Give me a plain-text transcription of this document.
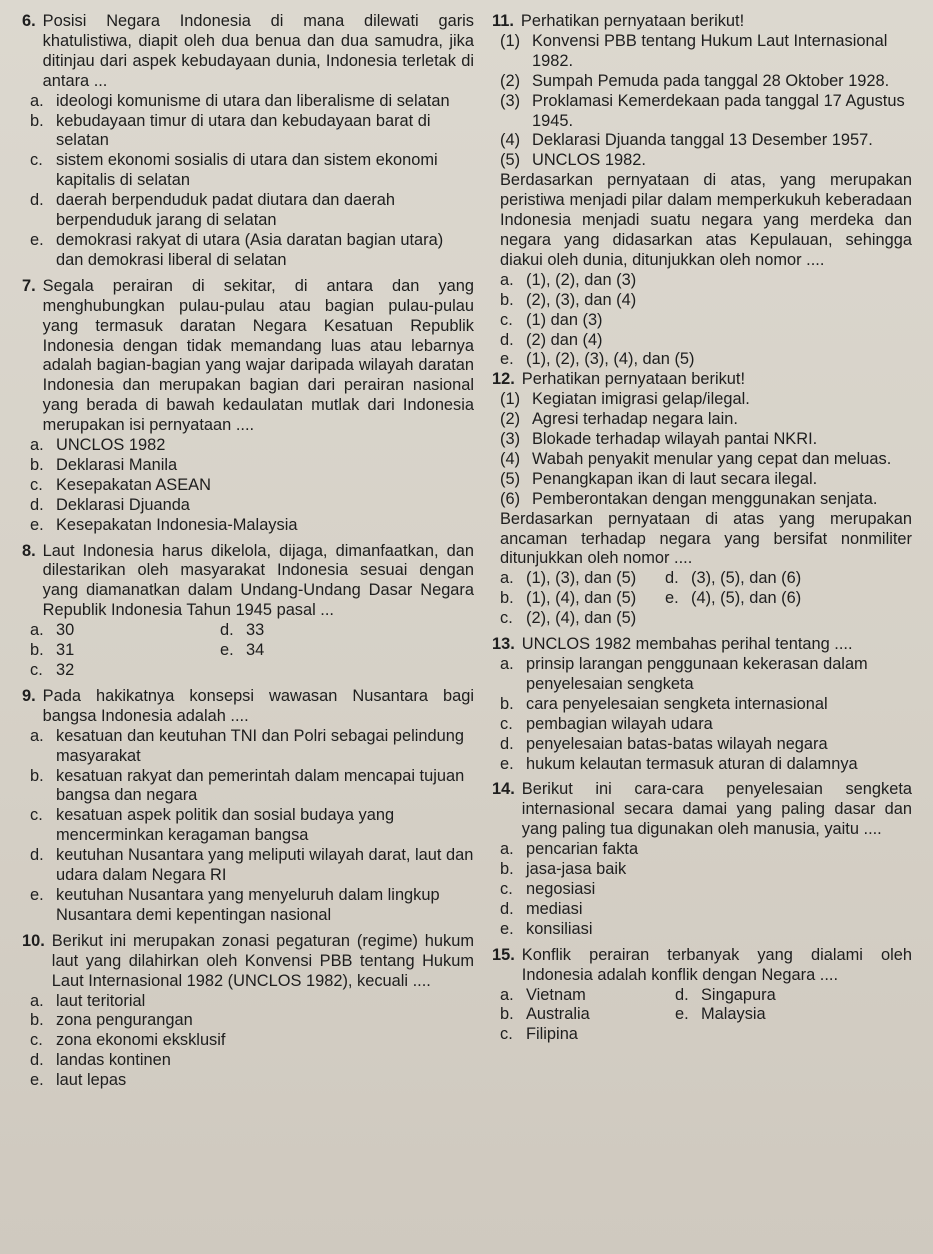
6. Posisi Negara Indonesia di mana dilewati garis khatulistiwa, diapit oleh dua benua dan dua samudra, jika ditinjau dari aspek kebudayaan dunia, Indonesia terletak di antara ...
a. ideologi komunisme di utara dan liberalisme di selatan
b. kebudayaan timur di utara dan kebudayaan barat di selatan
c. sistem ekonomi sosialis di utara dan sistem ekonomi kapitalis di selatan
d. daerah berpenduduk padat diutara dan daerah berpenduduk jarang di selatan
e. demokrasi rakyat di utara (Asia daratan bagian utara) dan demokrasi liberal di selatan
7. Segala perairan di sekitar, di antara dan yang menghubungkan pulau-pulau atau bagian pulau-pulau yang termasuk daratan Negara Kesatuan Republik Indonesia dengan tidak memandang luas atau lebarnya adalah bagian-bagian yang wajar daripada wilayah daratan Indonesia dan merupakan bagian dari perairan nasional yang berada di bawah kedaulatan mutlak dari Indonesia merupakan isi pernyataan ....
a. UNCLOS 1982
b. Deklarasi Manila
c. Kesepakatan ASEAN
d. Deklarasi Djuanda
e. Kesepakatan Indonesia-Malaysia
8. Laut Indonesia harus dikelola, dijaga, dimanfaatkan, dan dilestarikan oleh masyarakat Indonesia sesuai dengan yang diamanatkan dalam Undang-Undang Dasar Negara Republik Indonesia Tahun 1945 pasal ...
a. 30	d. 33
b. 31	e. 34
c. 32
9. Pada hakikatnya konsepsi wawasan Nusantara bagi bangsa Indonesia adalah ....
a. kesatuan dan keutuhan TNI dan Polri sebagai pelindung masyarakat
b. kesatuan rakyat dan pemerintah dalam mencapai tujuan bangsa dan negara
c. kesatuan aspek politik dan sosial budaya yang mencerminkan keragaman bangsa
d. keutuhan Nusantara yang meliputi wilayah darat, laut dan udara dalam Negara RI
e. keutuhan Nusantara yang menyeluruh dalam lingkup Nusantara demi kepentingan nasional
10. Berikut ini merupakan zonasi pegaturan (regime) hukum laut yang dilahirkan oleh Konvensi PBB tentang Hukum Laut Internasional 1982 (UNCLOS 1982), kecuali ....
a. laut teritorial
b. zona pengurangan
c. zona ekonomi eksklusif
d. landas kontinen
e. laut lepas
11. Perhatikan pernyataan berikut!
(1) Konvensi PBB tentang Hukum Laut Internasional 1982.
(2) Sumpah Pemuda pada tanggal 28 Oktober 1928.
(3) Proklamasi Kemerdekaan pada tanggal 17 Agustus 1945.
(4) Deklarasi Djuanda tanggal 13 Desember 1957.
(5) UNCLOS 1982.
Berdasarkan pernyataan di atas, yang merupakan peristiwa menjadi pilar dalam memperkukuh keberadaan Indonesia menjadi suatu negara yang merdeka dan negara yang didasarkan atas Kepulauan, sehingga diakui oleh dunia, ditunjukkan oleh nomor ....
a. (1), (2), dan (3)
b. (2), (3), dan (4)
c. (1) dan (3)
d. (2) dan (4)
e. (1), (2), (3), (4), dan (5)
12. Perhatikan pernyataan berikut!
(1) Kegiatan imigrasi gelap/ilegal.
(2) Agresi terhadap negara lain.
(3) Blokade terhadap wilayah pantai NKRI.
(4) Wabah penyakit menular yang cepat dan meluas.
(5) Penangkapan ikan di laut secara ilegal.
(6) Pemberontakan dengan menggunakan senjata.
Berdasarkan pernyataan di atas yang merupakan ancaman terhadap negara yang bersifat nonmiliter ditunjukkan oleh nomor ....
a. (1), (3), dan (5) d. (3), (5), dan (6)
b. (1), (4), dan (5) e. (4), (5), dan (6)
c. (2), (4), dan (5)
13. UNCLOS 1982 membahas perihal tentang ....
a. prinsip larangan penggunaan kekerasan dalam penyelesaian sengketa
b. cara penyelesaian sengketa internasional
c. pembagian wilayah udara
d. penyelesaian batas-batas wilayah negara
e. hukum kelautan termasuk aturan di dalamnya
14. Berikut ini cara-cara penyelesaian sengketa internasional secara damai yang paling dasar dan yang paling tua digunakan oleh manusia, yaitu ....
a. pencarian fakta
b. jasa-jasa baik
c. negosiasi
d. mediasi
e. konsiliasi
15. Konflik perairan terbanyak yang dialami oleh Indonesia adalah konflik dengan Negara ....
a. Vietnam	d. Singapura
b. Australia	e. Malaysia
c. Filipina
